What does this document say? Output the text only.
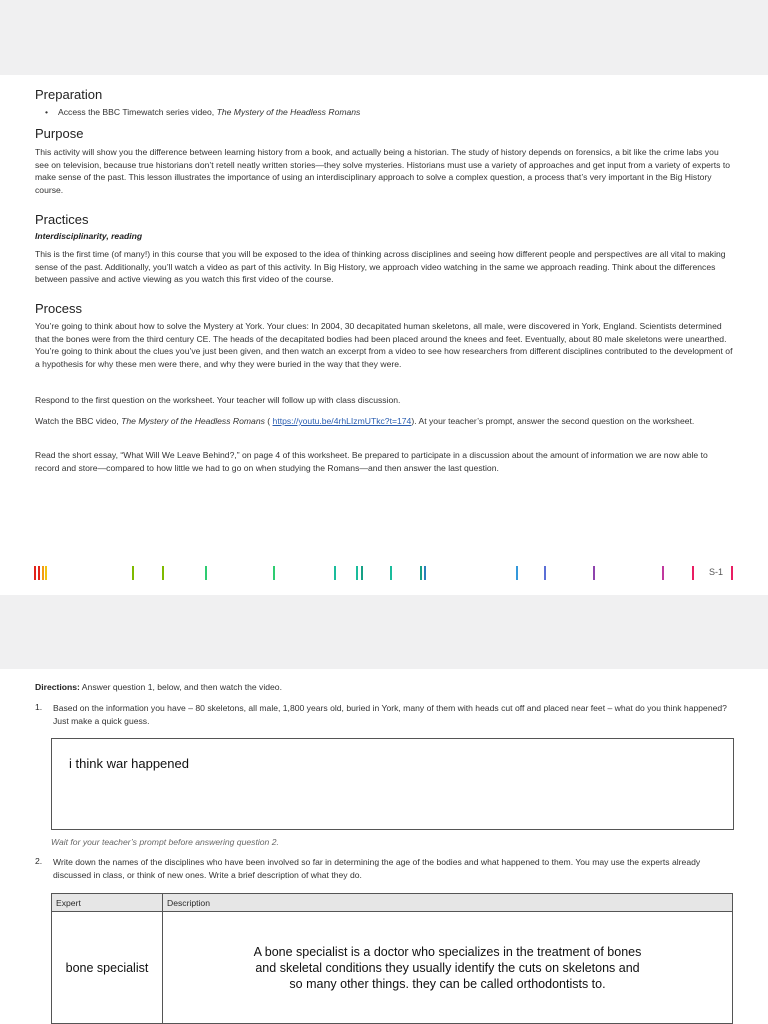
Preparation
• Access the BBC Timewatch series video, The Mystery of the Headless Romans
Purpose

This activity will show you the difference between learning history from a book, and actually being a historian. The study of history depends on forensics, a bit like the crime labs you see on television, because true historians don’t retell neatly written stories—they solve mysteries. Historians must use a variety of approaches and get input from a variety of experts to make sense of the past. This lesson illustrates the importance of using an interdisciplinary approach to solve a complex question, a process that’s very important in the Big History course.

Practices
Interdisciplinarity, reading

This is the first time (of many!) in this course that you will be exposed to the idea of thinking across disciplines and seeing how different people and perspectives are all vital to making sense of the past. Additionally, you’ll watch a video as part of this activity. In Big History, we approach video watching in the same we approach reading. Think about the differences between passive and active viewing as you watch this first video of the course.

Process

You’re going to think about how to solve the Mystery at York. Your clues: In 2004, 30 decapitated human skeletons, all male, were discovered in York, England. Scientists determined that the bones were from the third century CE. The heads of the decapitated bodies had been placed around the knees and feet. Eventually, about 80 male skeletons were unearthed. You’re going to think about the clues you’ve just been given, and then watch an excerpt from a video to see how researchers from different disciplines contributed to the development of a hypothesis for why these men were there, and why they were buried in the way that they were.

Respond to the first question on the worksheet. Your teacher will follow up with class discussion.

Watch the BBC video, The Mystery of the Headless Romans ( https://youtu.be/4rhLIzmUTkc?t=174). At your teacher’s prompt, answer the second question on the worksheet.

Read the short essay, “What Will We Leave Behind?,” on page 4 of this worksheet. Be prepared to participate in a discussion about the amount of information we are now able to record and store—compared to how little we had to go on when studying the Romans—and then answer the last question.

S-1

Directions: Answer question 1, below, and then watch the video.

1. Based on the information you have – 80 skeletons, all male, 1,800 years old, buried in York, many of them with heads cut off and placed near feet – what do you think happened? Just make a quick guess.

i think war happened

Wait for your teacher’s prompt before answering question 2.

2. Write down the names of the disciplines who have been involved so far in determining the age of the bodies and what happened to them. You may use the experts already discussed in class, or think of new ones. Write a brief description of what they do.

Expert	Description
bone specialist	A bone specialist is a doctor who specializes in the treatment of bones and skeletal conditions they usually identify the cuts on skeletons and so many other things. they can be called orthodontists to.
